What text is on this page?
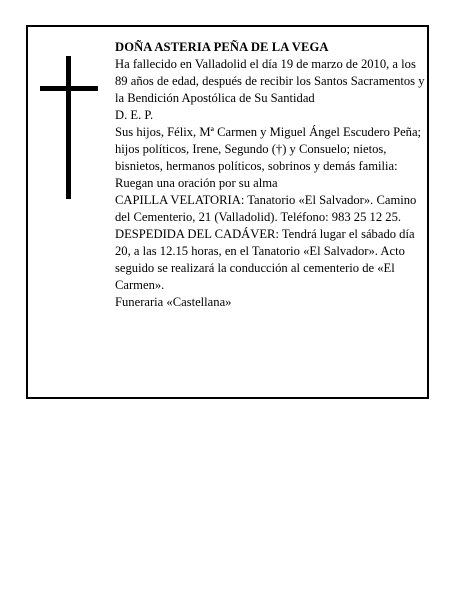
DOÑA ASTERIA PEÑA DE LA VEGA

Ha fallecido en Valladolid el día 19 de marzo de 2010, a los 89 años de edad, después de recibir los Santos Sacramentos y la Bendición Apostólica de Su Santidad

D. E. P.

Sus hijos, Félix, Mª Carmen y Miguel Ángel Escudero Peña; hijos políticos, Irene, Segundo (†) y Consuelo; nietos, bisnietos, hermanos políticos, sobrinos y demás familia:

Ruegan una oración por su alma

CAPILLA VELATORIA: Tanatorio «El Salvador». Camino del Cementerio, 21 (Valladolid). Teléfono: 983 25 12 25.

DESPEDIDA DEL CADÁVER: Tendrá lugar el sábado día 20, a las 12.15 horas, en el Tanatorio «El Salvador». Acto seguido se realizará la conducción al cementerio de «El Carmen».

Funeraria «Castellana»
